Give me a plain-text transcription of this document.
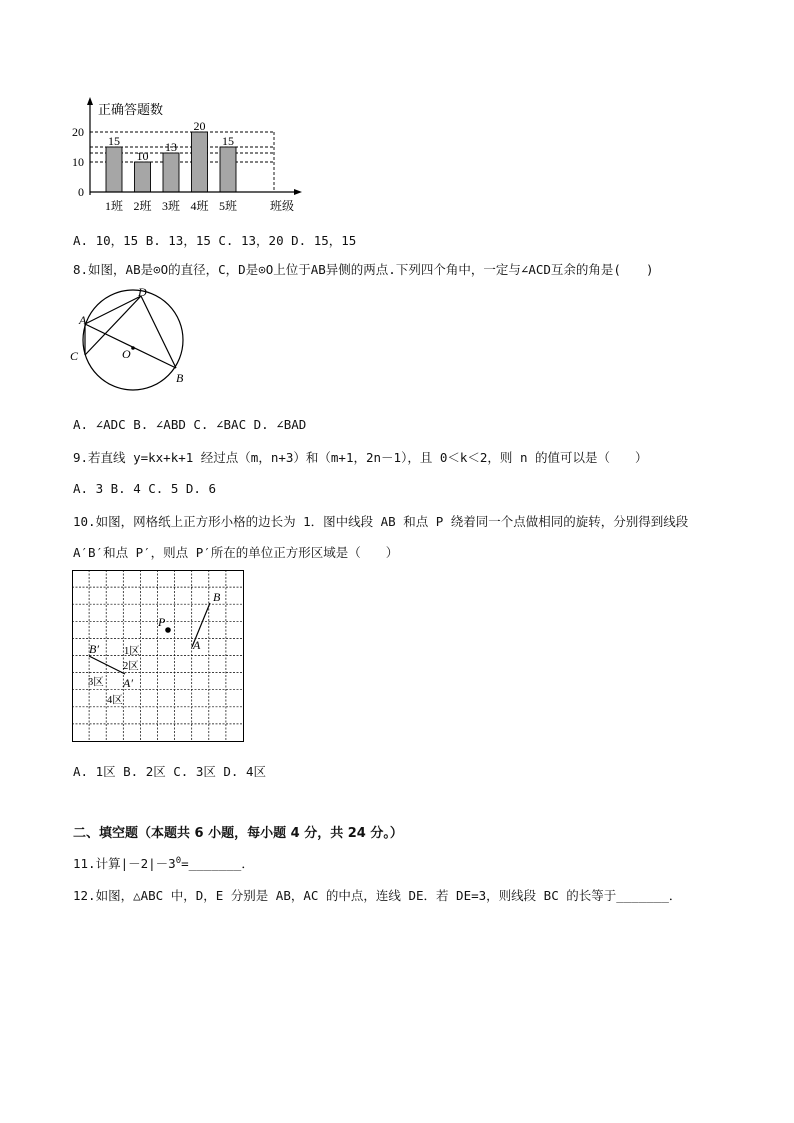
15
10
13
20
15
1班 2班 3班 4班 5班
0
10
20
正确答题数
班级
A. 10，15 B. 13，15 C. 13，20 D. 15，15
8.如图，AB是⊙O的直径，C，D是⊙O上位于AB异侧的两点.下列四个角中，一定与∠ACD互余的角是(　　)
D
A
C	O
B
A. ∠ADC B. ∠ABD C. ∠BAC D. ∠BAD
9.若直线 y=kx+k+1 经过点（m，n+3）和（m+1，2n－1），且 0＜k＜2，则 n 的值可以是（　　）
A. 3 B. 4 C. 5 D. 6
10.如图，网格纸上正方形小格的边长为 1．图中线段 AB 和点 P 绕着同一个点做相同的旋转，分别得到线段
A′B′和点 P′，则点 P′所在的单位正方形区域是（　　）
B
A
P
B′
A′
1区
2区
3区
4区
A. 1区 B. 2区 C. 3区 D. 4区
二、填空题（本题共 6 小题，每小题 4 分，共 24 分。）
11.计算$|-2|-3^0=\_\_\_\_\_\_\_$．
12.如图，△ABC 中，D，E 分别是 AB，AC 的中点，连线 DE．若 DE=3，则线段 BC 的长等于_______．
